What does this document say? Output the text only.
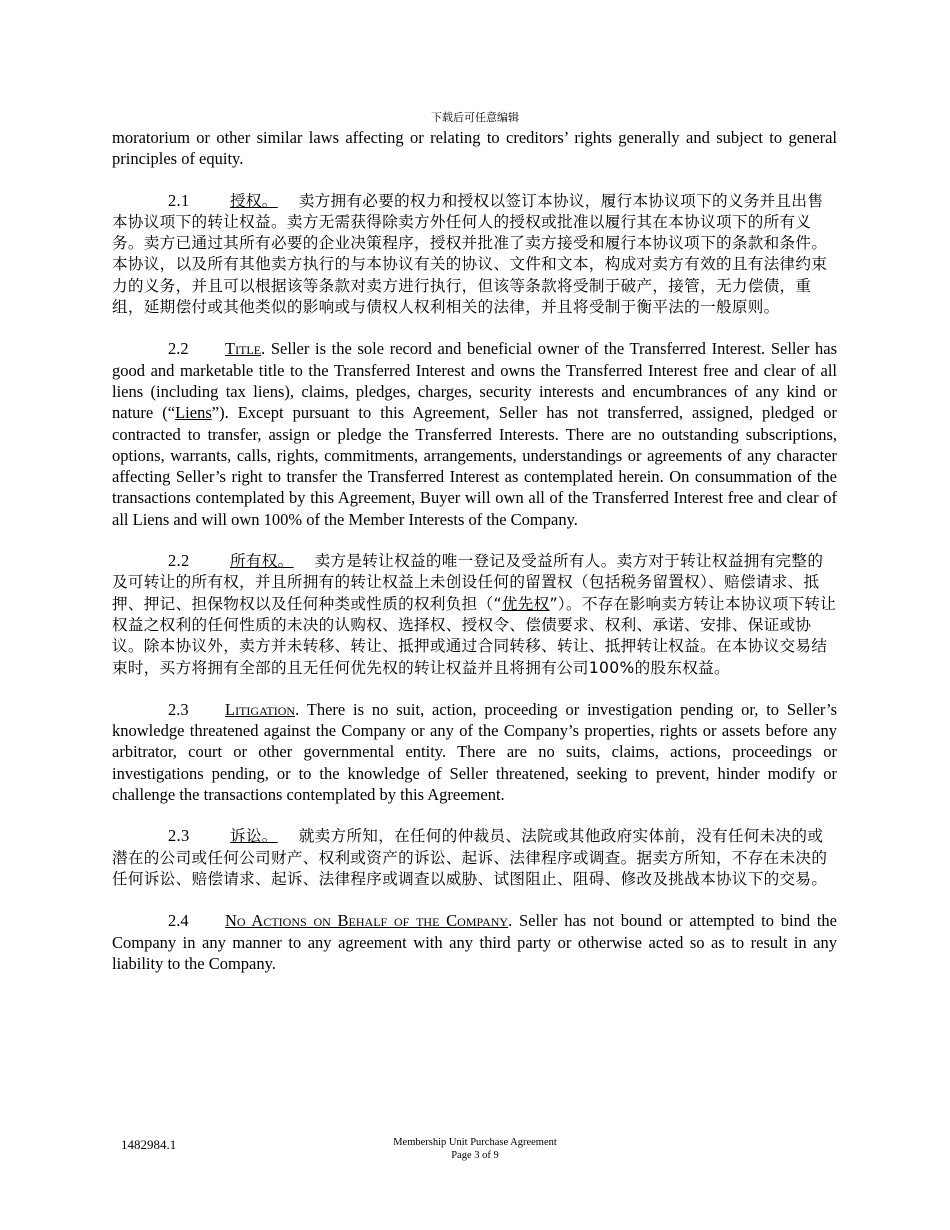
下载后可任意编辑

moratorium or other similar laws affecting or relating to creditors’ rights generally and subject to general principles of equity.

2.1	授权。 卖方拥有必要的权力和授权以签订本协议，履行本协议项下的义务并且出售本协议项下的转让权益。卖方无需获得除卖方外任何人的授权或批准以履行其在本协议项下的所有义务。卖方已通过其所有必要的企业决策程序，授权并批准了卖方接受和履行本协议项下的条款和条件。本协议，以及所有其他卖方执行的与本协议有关的协议、文件和文本，构成对卖方有效的且有法律约束力的义务，并且可以根据该等条款对卖方进行执行，但该等条款将受制于破产，接管，无力偿债，重组，延期偿付或其他类似的影响或与债权人权利相关的法律，并且将受制于衡平法的一般原则。

2.2 Title. Seller is the sole record and beneficial owner of the Transferred Interest. Seller has good and marketable title to the Transferred Interest and owns the Transferred Interest free and clear of all liens (including tax liens), claims, pledges, charges, security interests and encumbrances of any kind or nature (“Liens”). Except pursuant to this Agreement, Seller has not transferred, assigned, pledged or contracted to transfer, assign or pledge the Transferred Interests. There are no outstanding subscriptions, options, warrants, calls, rights, commitments, arrangements, understandings or agreements of any character affecting Seller’s right to transfer the Transferred Interest as contemplated herein. On consummation of the transactions contemplated by this Agreement, Buyer will own all of the Transferred Interest free and clear of all Liens and will own 100% of the Member Interests of the Company.

2.2	所有权。 卖方是转让权益的唯一登记及受益所有人。卖方对于转让权益拥有完整的及可转让的所有权，并且所拥有的转让权益上未创设任何的留置权（包括税务留置权）、赔偿请求、抵押、押记、担保物权以及任何种类或性质的权利负担（“优先权”）。不存在影响卖方转让本协议项下转让权益之权利的任何性质的未决的认购权、选择权、授权令、偿债要求、权利、承诺、安排、保证或协议。除本协议外，卖方并未转移、转让、抵押或通过合同转移、转让、抵押转让权益。在本协议交易结束时，买方将拥有全部的且无任何优先权的转让权益并且将拥有公司100%的股东权益。

2.3 Litigation. There is no suit, action, proceeding or investigation pending or, to Seller’s knowledge threatened against the Company or any of the Company’s properties, rights or assets before any arbitrator, court or other governmental entity. There are no suits, claims, actions, proceedings or investigations pending, or to the knowledge of Seller threatened, seeking to prevent, hinder modify or challenge the transactions contemplated by this Agreement.

2.3	诉讼。 就卖方所知，在任何的仲裁员、法院或其他政府实体前，没有任何未决的或潜在的公司或任何公司财产、权利或资产的诉讼、起诉、法律程序或调查。据卖方所知，不存在未决的任何诉讼、赔偿请求、起诉、法律程序或调查以威胁、试图阻止、阻碍、修改及挑战本协议下的交易。

2.4 No Actions on Behalf of the Company. Seller has not bound or attempted to bind the Company in any manner to any agreement with any third party or otherwise acted so as to result in any liability to the Company.

1482984.1	Membership Unit Purchase Agreement
Page 3 of 9
